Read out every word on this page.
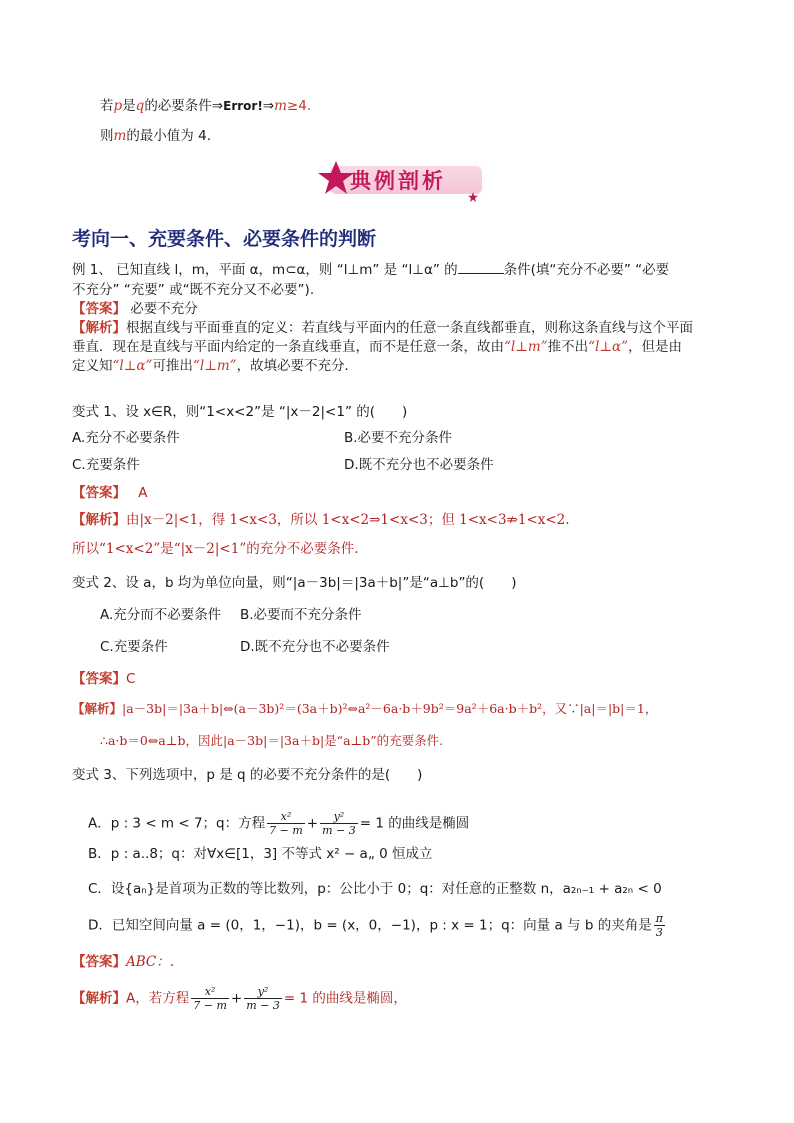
若p是q的必要条件⇒Error!⇒m≥4.
则m的最小值为 4.
典例剖析
考向一、充要条件、必要条件的判断
例 1、 已知直线 l，m，平面 α，m⊂α，则 “l⊥m” 是 “l⊥α” 的	条件(填“充分不必要” “必要
不充分” “充要” 或“既不充分又不必要”).
【答案】 必要不充分
【解析】根据直线与平面垂直的定义：若直线与平面内的任意一条直线都垂直，则称这条直线与这个平面
垂直．现在是直线与平面内给定的一条直线垂直，而不是任意一条，故由“l⊥m”推不出“l⊥α”，但是由
定义知“l⊥α”可推出“l⊥m”，故填必要不充分．
变式 1、设 x∈R，则“1<x<2”是 “|x－2|<1” 的(　　)
A.充分不必要条件	B.必要不充分条件
C.充要条件	D.既不充分也不必要条件
【答案】 A
【解析】由|x－2|<1，得 1<x<3，所以 1<x<2⇒1<x<3；但 1<x<3⇏1<x<2.
所以“1<x<2”是“|x－2|<1”的充分不必要条件.
变式 2、设 a，b 均为单位向量，则“|a－3b|＝|3a＋b|”是“a⊥b”的(　　)
A.充分而不必要条件 B.必要而不充分条件
C.充要条件	D.既不充分也不必要条件
【答案】C
【解析】|a－3b|＝|3a＋b|⇔(a－3b)²＝(3a＋b)²⇔a²－6a·b＋9b²＝9a²＋6a·b＋b²，又∵|a|＝|b|＝1，
∴a·b＝0⇔a⊥b，因此|a－3b|＝|3a＋b|是“a⊥b”的充要条件.
变式 3、下列选项中，p 是 q 的必要不充分条件的是(　　)
A．p : 3 < m < 7；q：方程 $\frac{\text{x²}}{7 - m} + \frac{\text{y²}}{m - 3} = 1$ 的曲线是椭圆
B．p : a..8；q：对∀x∈[1，3] 不等式 x² − a„ 0 恒成立
C．设{aₙ}是首项为正数的等比数列，p：公比小于 0；q：对任意的正整数 n，a₂ₙ₋₁ + a₂ₙ < 0
D．已知空间向量 a = (0，1，−1)，b = (x，0，−1)，p : x = 1；q：向量 a 与 b 的夹角是 $\frac{\pi}{3}$
【答案】ABC：.
【解析】A，若方程 $\frac{\text{x²}}{7 - m} + \frac{\text{y²}}{m - 3} = 1$ 的曲线是椭圆，
